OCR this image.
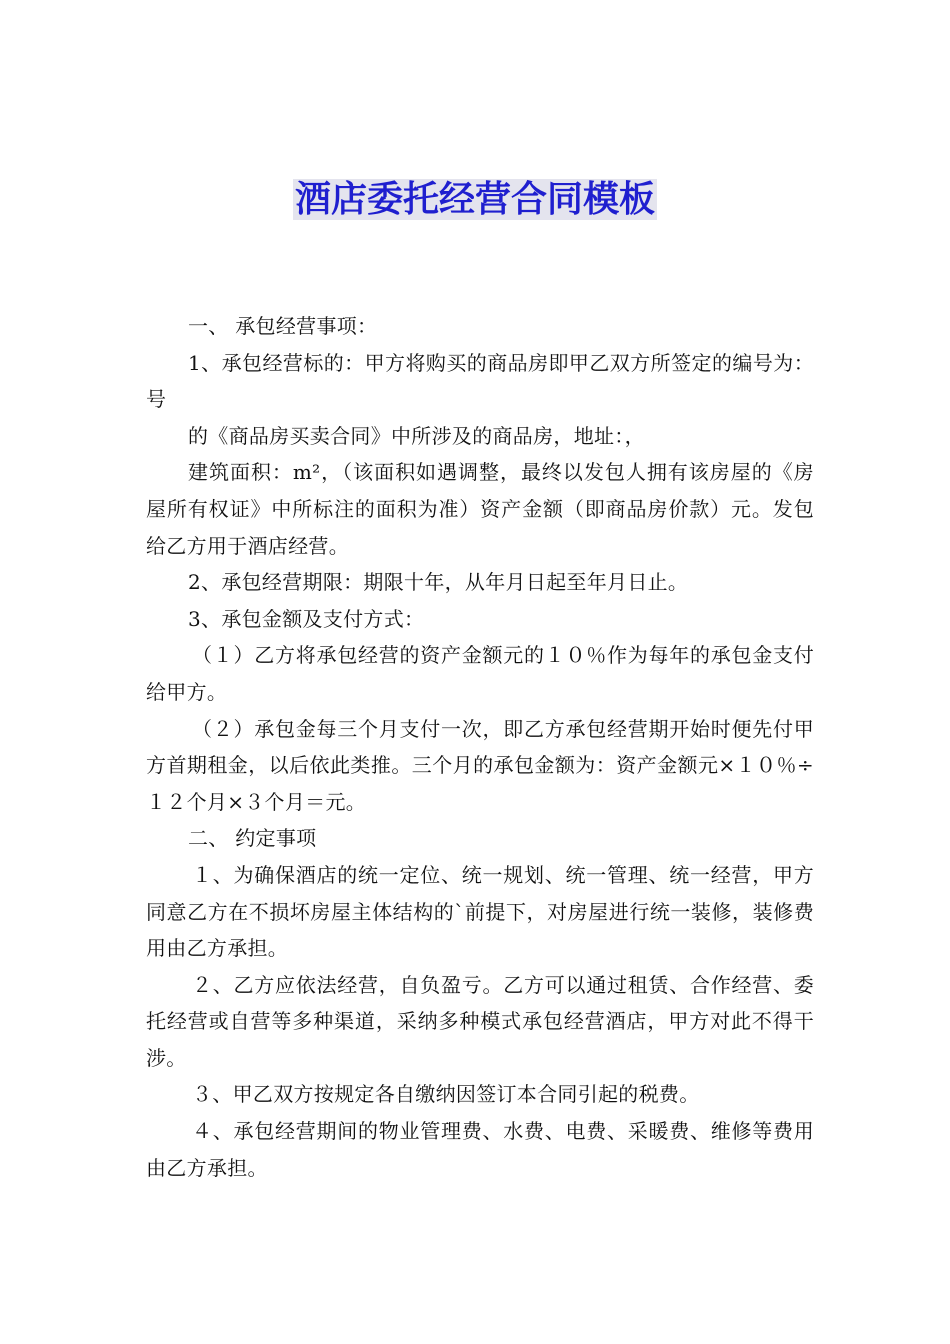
酒店委托经营合同模板

一、 承包经营事项：

1、承包经营标的：甲方将购买的商品房即甲乙双方所签定的编号为： 号

的《商品房买卖合同》中所涉及的商品房，地址：，

建筑面积：m²，（该面积如遇调整，最终以发包人拥有该房屋的《房屋所有权证》中所标注的面积为准）资产金额（即商品房价款）元。发包给乙方用于酒店经营。

2、承包经营期限：期限十年，从年月日起至年月日止。

3、承包金额及支付方式：

（１）乙方将承包经营的资产金额元的１０％作为每年的承包金支付给甲方。

（２）承包金每三个月支付一次，即乙方承包经营期开始时便先付甲方首期租金，以后依此类推。三个月的承包金额为：资产金额元×１０％÷１２个月×３个月＝元。

二、 约定事项

１、为确保酒店的统一定位、统一规划、统一管理、统一经营，甲方同意乙方在不损坏房屋主体结构的`前提下，对房屋进行统一装修，装修费用由乙方承担。

２、乙方应依法经营，自负盈亏。乙方可以通过租赁、合作经营、委托经营或自营等多种渠道，采纳多种模式承包经营酒店，甲方对此不得干涉。

３、甲乙双方按规定各自缴纳因签订本合同引起的税费。

４、承包经营期间的物业管理费、水费、电费、采暖费、维修等费用由乙方承担。
